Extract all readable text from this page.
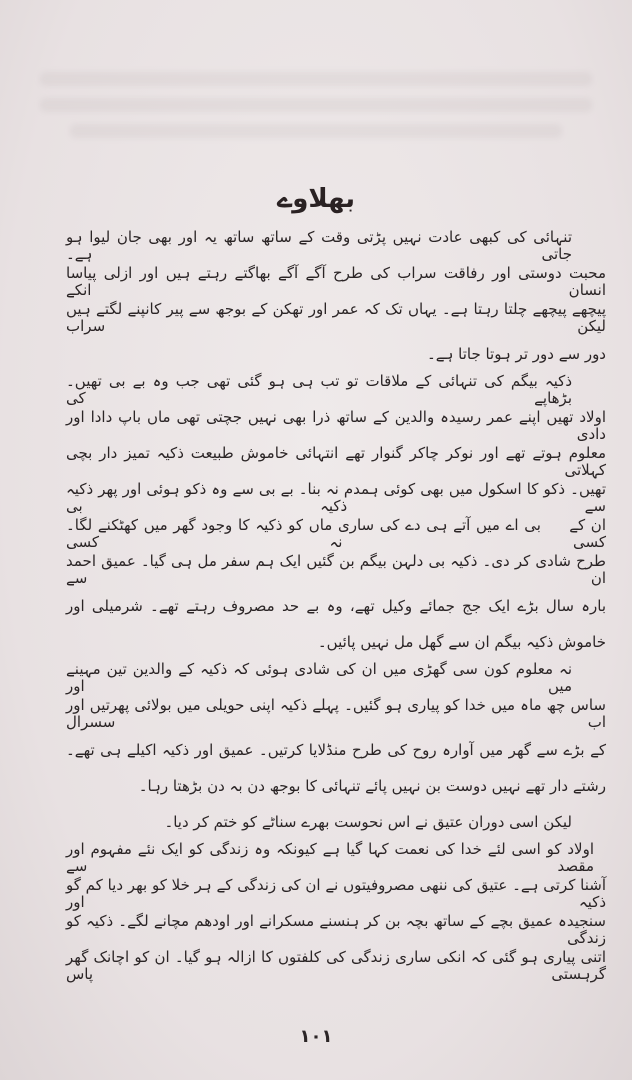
بھلاوے
تنہائی کی کبھی عادت نہیں پڑتی وقت کے ساتھ ساتھ یہ اور بھی جان لیوا ہو جاتی ہے۔
محبت دوستی اور رفاقت سراب کی طرح آگے آگے بھاگتے رہتے ہیں اور ازلی پیاسا انسان انکے
پیچھے پیچھے چلتا رہتا ہے۔ یہاں تک کہ عمر اور تھکن کے بوجھ سے پیر کانپنے لگتے ہیں لیکن سراب
دور سے دور تر ہوتا جاتا ہے۔
ذکیہ بیگم کی تنہائی کے ملاقات تو تب ہی ہو گئی تھی جب وہ بے بی تھیں۔ بڑھاپے کی
اولاد تھیں اپنے عمر رسیدہ والدین کے ساتھ ذرا بھی نہیں جچتی تھی ماں باپ دادا اور دادی
معلوم ہوتے تھے اور نوکر چاکر گنوار تھے انتہائی خاموش طبیعت ذکیہ تمیز دار بچی کہلاتی
تھیں۔ ذکو کا اسکول میں بھی کوئی ہمدم نہ بنا۔ بے بی سے وہ ذکو ہوئی اور پھر ذکیہ سے ذکیہ بی
ان کے     بی اے میں آتے ہی دے کی ساری ماں کو ذکیہ کا وجود گھر میں کھٹکنے لگا۔ کسی نہ کسی
طرح شادی کر دی۔ ذکیہ بی دلہن بیگم بن گئیں ایک ہم سفر مل ہی گیا۔ عمیق احمد ان سے
بارہ سال بڑے ایک جج جمائے وکیل تھے، وہ بے حد مصروف رہتے تھے۔ شرمیلی اور
خاموش ذکیہ بیگم ان سے گھل مل نہیں پائیں۔
نہ معلوم کون سی گھڑی میں ان کی شادی ہوئی کہ ذکیہ کے والدین تین مہینے میں اور
ساس چھ ماہ میں خدا کو پیاری ہو گئیں۔ پہلے ذکیہ اپنی حویلی میں بولائی پھرتیں اور اب سسرال
کے بڑے سے گھر میں آوارہ روح کی طرح منڈلایا کرتیں۔ عمیق اور ذکیہ اکیلے ہی تھے۔
رشتے دار تھے نہیں دوست بن نہیں پائے تنہائی کا بوجھ دن بہ دن بڑھتا رہا۔
لیکن اسی دوران عتیق نے اس نحوست بھرے سناٹے کو ختم کر دیا۔
اولاد کو اسی لئے خدا کی نعمت کہا گیا ہے کیونکہ وہ زندگی کو ایک نئے مفہوم اور مقصد سے
آشنا کرتی ہے۔ عتیق کی ننھی مصروفیتوں نے ان کی زندگی کے ہر خلا کو بھر دیا کم گو ذکیہ اور
سنجیدہ عمیق بچے کے ساتھ بچہ بن کر ہنسنے مسکرانے اور اودھم مچانے لگے۔ ذکیہ کو زندگی
اتنی پیاری ہو گئی کہ انکی ساری زندگی کی کلفتوں کا ازالہ ہو گیا۔ ان کو اچانک گھر گرہستی پاس
۱۰۱
